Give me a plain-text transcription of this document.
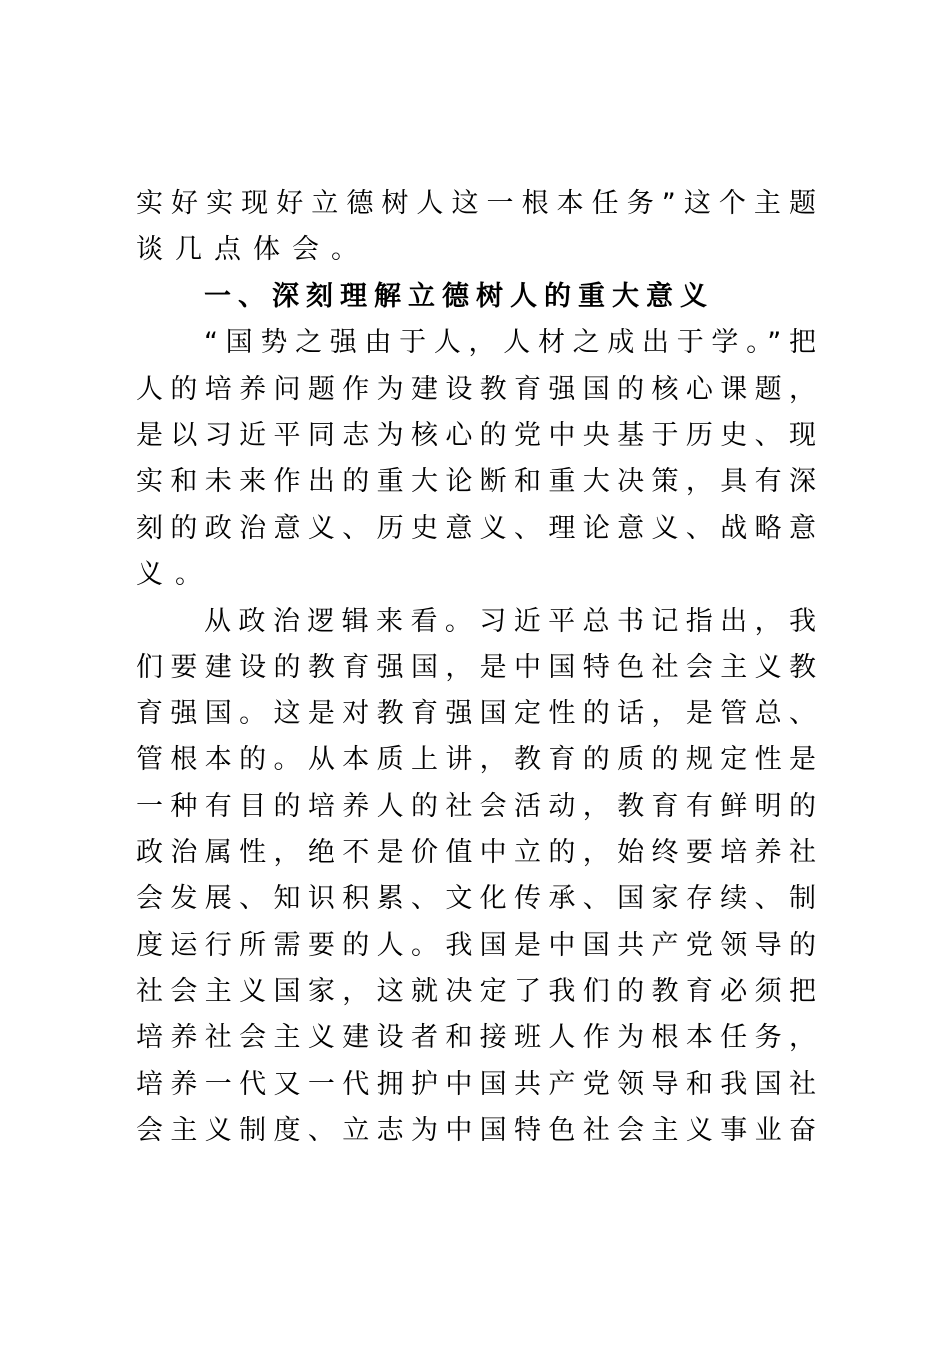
实好实现好立德树人这一根本任务”这个主题
谈几点体会。
一、深刻理解立德树人的重大意义
“国势之强由于人，人材之成出于学。”把
人的培养问题作为建设教育强国的核心课题，
是以习近平同志为核心的党中央基于历史、现
实和未来作出的重大论断和重大决策，具有深
刻的政治意义、历史意义、理论意义、战略意
义。
从政治逻辑来看。习近平总书记指出，我
们要建设的教育强国，是中国特色社会主义教
育强国。这是对教育强国定性的话，是管总、
管根本的。从本质上讲，教育的质的规定性是
一种有目的培养人的社会活动，教育有鲜明的
政治属性，绝不是价值中立的，始终要培养社
会发展、知识积累、文化传承、国家存续、制
度运行所需要的人。我国是中国共产党领导的
社会主义国家，这就决定了我们的教育必须把
培养社会主义建设者和接班人作为根本任务，
培养一代又一代拥护中国共产党领导和我国社
会主义制度、立志为中国特色社会主义事业奋
